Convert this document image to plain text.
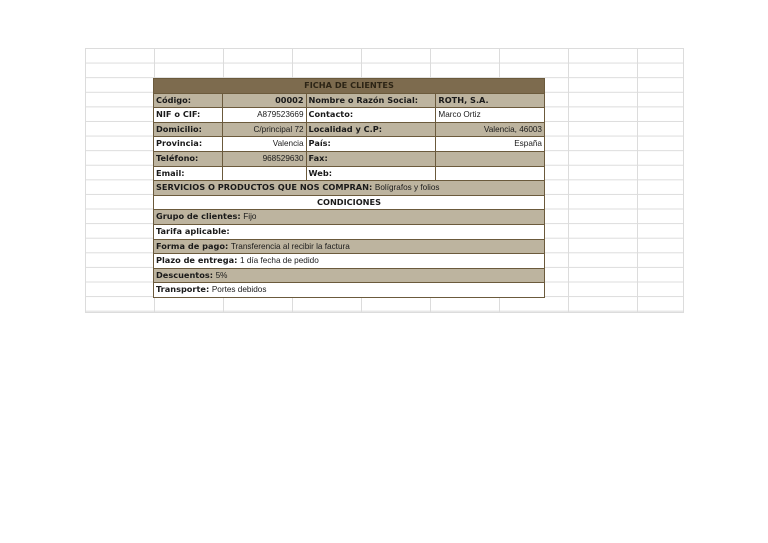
FICHA DE CLIENTES			
Código:	00002	Nombre o Razón Social:	ROTH, S.A.
NIF o CIF:	A879523669	Contacto:	Marco Ortiz
Domicilio:	C/principal 72	Localidad y C.P:	Valencia, 46003
Provincia:	Valencia	País:	España
Teléfono:	968529630	Fax:	
Email:		Web:	
SERVICIOS O PRODUCTOS QUE NOS COMPRAN: Bolígrafos y folios			
CONDICIONES			
Grupo de clientes: Fijo			
Tarifa aplicable:			
Forma de pago: Transferencia al recibir la factura			
Plazo de entrega: 1 día fecha de pedido			
Descuentos: 5%			
Transporte: Portes debidos			
